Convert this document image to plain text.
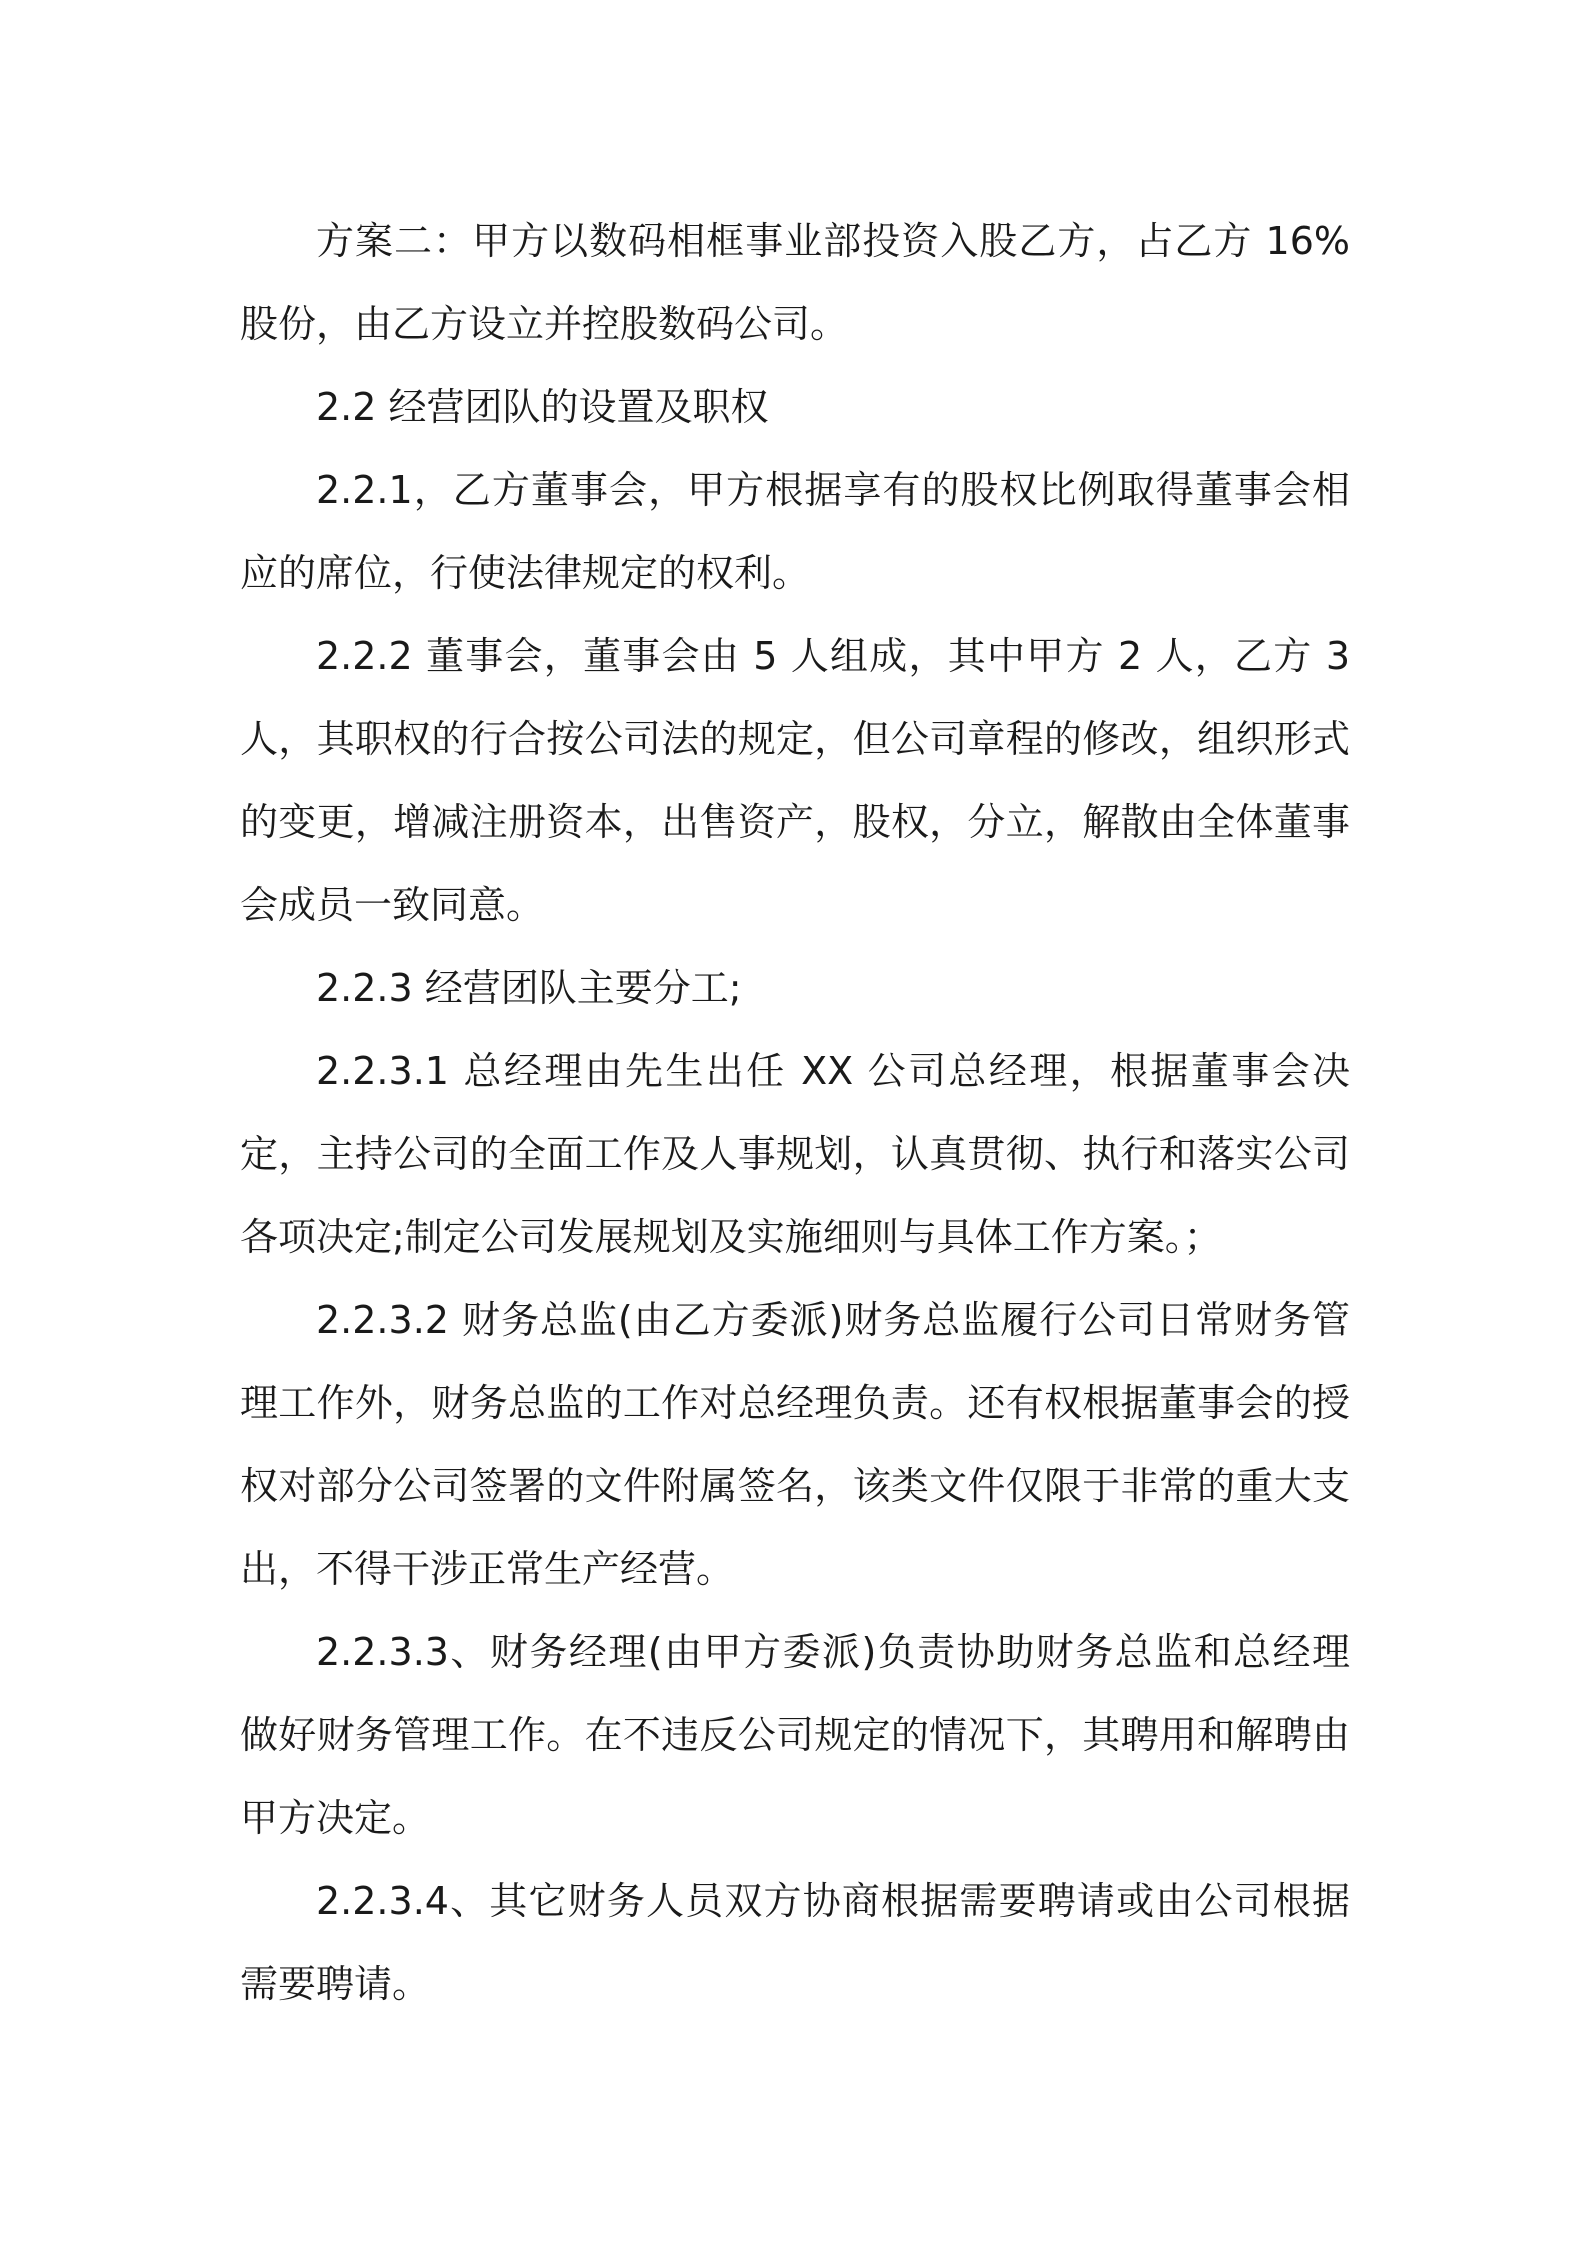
方案二：甲方以数码相框事业部投资入股乙方，占乙方 16%股份，由乙方设立并控股数码公司。

2.2 经营团队的设置及职权

2.2.1，乙方董事会，甲方根据享有的股权比例取得董事会相应的席位，行使法律规定的权利。

2.2.2 董事会，董事会由 5 人组成，其中甲方 2 人，乙方 3 人，其职权的行合按公司法的规定，但公司章程的修改，组织形式的变更，增减注册资本，出售资产，股权，分立，解散由全体董事会成员一致同意。

2.2.3 经营团队主要分工;

2.2.3.1 总经理由先生出任 XX 公司总经理，根据董事会决定，主持公司的全面工作及人事规划，认真贯彻、执行和落实公司各项决定;制定公司发展规划及实施细则与具体工作方案。；

2.2.3.2 财务总监(由乙方委派)财务总监履行公司日常财务管理工作外，财务总监的工作对总经理负责。还有权根据董事会的授权对部分公司签署的文件附属签名，该类文件仅限于非常的重大支出，不得干涉正常生产经营。

2.2.3.3、财务经理(由甲方委派)负责协助财务总监和总经理做好财务管理工作。在不违反公司规定的情况下，其聘用和解聘由甲方决定。

2.2.3.4、其它财务人员双方协商根据需要聘请或由公司根据需要聘请。
